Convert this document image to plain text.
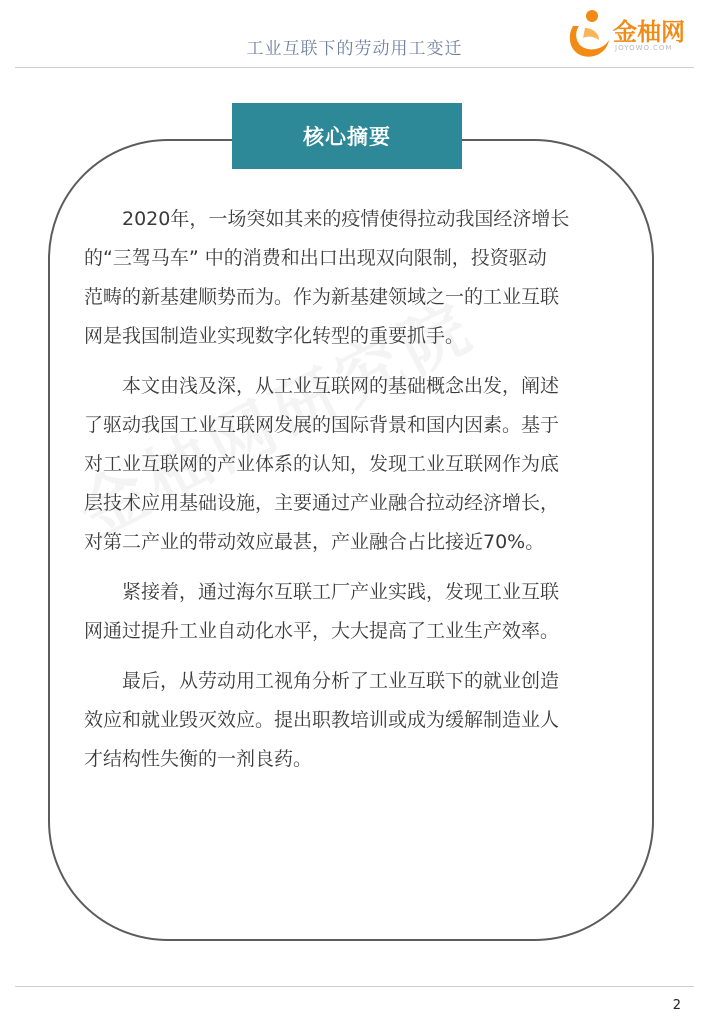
工业互联下的劳动用工变迁
金柚网
JOYOWO.COM
核心摘要
2020年，一场突如其来的疫情使得拉动我国经济增长
的“三驾马车” 中的消费和出口出现双向限制，投资驱动
范畴的新基建顺势而为。作为新基建领域之一的工业互联
网是我国制造业实现数字化转型的重要抓手。
本文由浅及深，从工业互联网的基础概念出发，阐述
了驱动我国工业互联网发展的国际背景和国内因素。基于
对工业互联网的产业体系的认知，发现工业互联网作为底
层技术应用基础设施，主要通过产业融合拉动经济增长，
对第二产业的带动效应最甚，产业融合占比接近70%。
紧接着，通过海尔互联工厂产业实践，发现工业互联
网通过提升工业自动化水平，大大提高了工业生产效率。
最后，从劳动用工视角分析了工业互联下的就业创造
效应和就业毁灭效应。提出职教培训或成为缓解制造业人
才结构性失衡的一剂良药。
2
